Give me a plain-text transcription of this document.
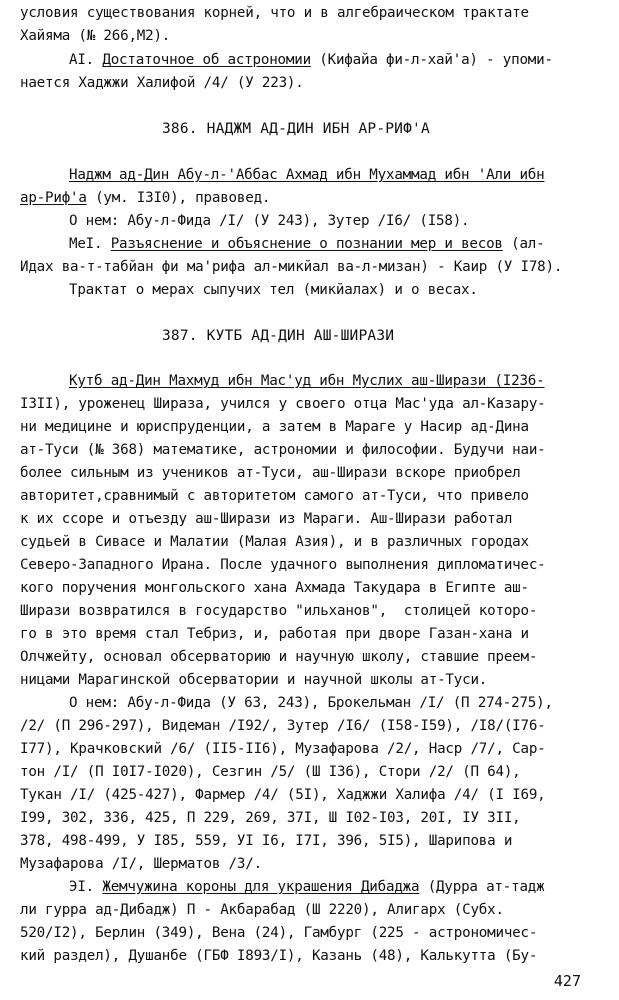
условия существования корней, что и в алгебраическом трактате
Хайяма (№ 266,М2).
AI. Достаточное об астрономии (Кифайа фи-л-хай'а) - упоми-
нается Хаджжи Халифой /4/ (У 223).
386. НАДЖМ АД-ДИН ИБН АР-РИФ'А
Наджм ад-Дин Абу-л-'Аббас Ахмад ибн Мухаммад ибн 'Али ибн
ар-Риф'а (ум. I3I0), правовед.
О нем: Абу-л-Фида /I/ (У 243), Зутер /I6/ (I58).
MeI. Разъяснение и объяснение о познании мер и весов (ал-
Идах ва-т-табйан фи ма'рифа ал-микйал ва-л-мизан) - Каир (У I78).
Трактат о мерах сыпучих тел (микйалах) и о весах.
387. КУТБ АД-ДИН АШ-ШИРАЗИ
Кутб ад-Дин Махмуд ибн Мас'уд ибн Муслих аш-Ширази (I236-
I3II), уроженец Шираза, учился у своего отца Мас'уда ал-Казару-
ни медицине и юриспруденции, а затем в Мараге у Насир ад-Дина
ат-Туси (№ 368) математике, астрономии и философии. Будучи наи-
более сильным из учеников ат-Туси, аш-Ширази вскоре приобрел
авторитет,сравнимый с авторитетом самого ат-Туси, что привело
к их ссоре и отъезду аш-Ширази из Мараги. Аш-Ширази работал
судьей в Сивасе и Малатии (Малая Азия), и в различных городах
Северо-Западного Ирана. После удачного выполнения дипломатичес-
кого поручения монгольского хана Ахмада Такудара в Египте аш-
Ширази возвратился в государство "ильханов",  столицей которо-
го в это время стал Тебриз, и, работая при дворе Газан-хана и
Олчжейту, основал обсерваторию и научную школу, ставшие преем-
ницами Марагинской обсерватории и научной школы ат-Туси.
О нем: Абу-л-Фида (У 63, 243), Брокельман /I/ (П 274-275),
/2/ (П 296-297), Видеман /I92/, Зутер /I6/ (I58-I59), /I8/(I76-
I77), Крачковский /6/ (II5-II6), Музафарова /2/, Наср /7/, Сар-
тон /I/ (П I0I7-I020), Сезгин /5/ (Ш I36), Стори /2/ (П 64),
Тукан /I/ (425-427), Фармер /4/ (5I), Хаджжи Халифа /4/ (I I69,
I99, 302, 336, 425, П 229, 269, 37I, Ш I02-I03, 20I, IУ 3II,
378, 498-499, У I85, 559, УI I6, I7I, 396, 5I5), Шарипова и
Музафарова /I/, Шерматов /3/.
ЭI. Жемчужина короны для украшения Дибаджа (Дурра ат-тадж
ли гурра ад-Дибадж) П - Акбарабад (Ш 2220), Алигарх (Субх.
520/I2), Берлин (349), Вена (24), Гамбург (225 - астрономичес-
кий раздел), Душанбе (ГБФ I893/I), Казань (48), Калькутта (Бу-
427
